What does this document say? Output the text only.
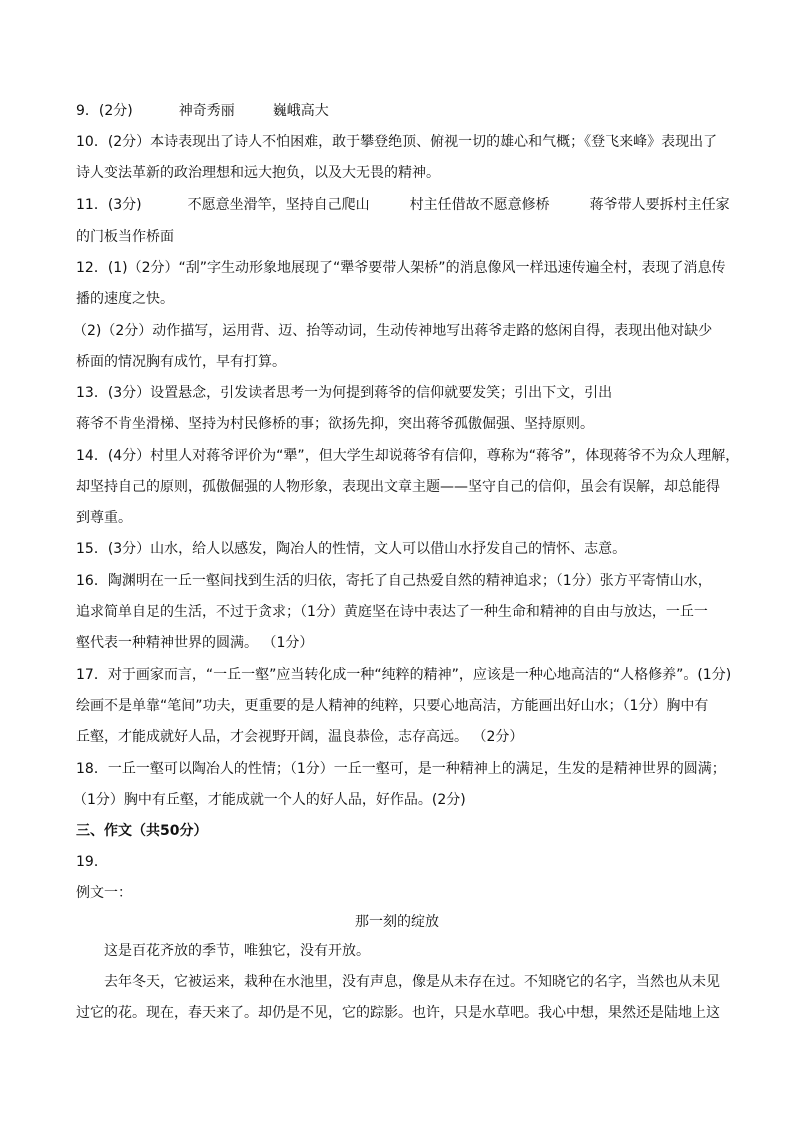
9．(2分)	神奇秀丽	巍峨高大
10．(2分）本诗表现出了诗人不怕困难，敢于攀登绝顶、俯视一切的雄心和气概；《登飞来峰》表现出了
诗人变法革新的政治理想和远大抱负，以及大无畏的精神。
11．(3分)	不愿意坐滑竿，坚持自己爬山	村主任借故不愿意修桥	蒋爷带人要拆村主任家
的门板当作桥面
12．(1)（2分）“刮”字生动形象地展现了“犟爷要带人架桥”的消息像风一样迅速传遍全村，表现了消息传
播的速度之快。
（2)（2分）动作描写，运用背、迈、抬等动词，生动传神地写出蒋爷走路的悠闲自得，表现出他对缺少
桥面的情况胸有成竹，早有打算。
13．(3分）设置悬念，引发读者思考一为何提到蒋爷的信仰就要发笑；引出下文，引出
蒋爷不肯坐滑梯、坚持为村民修桥的事；欲扬先抑，突出蒋爷孤傲倔强、坚持原则。
14．(4分）村里人对蒋爷评价为“犟”，但大学生却说蒋爷有信仰，尊称为“蒋爷”，体现蒋爷不为众人理解，
却坚持自己的原则，孤傲倔强的人物形象，表现出文章主题——坚守自己的信仰，虽会有误解，却总能得
到尊重。
15．(3分）山水，给人以感发，陶冶人的性情，文人可以借山水抒发自己的情怀、志意。
16．陶渊明在一丘一壑间找到生活的归依，寄托了自己热爱自然的精神追求；（1分）张方平寄情山水，
追求简单自足的生活，不过于贪求；（1分）黄庭坚在诗中表达了一种生命和精神的自由与放达，一丘一
壑代表一种精神世界的圆满。 （1分）
17．对于画家而言，“一丘一壑”应当转化成一种“纯粹的精神”，应该是一种心地高洁的“人格修养”。(1分)
绘画不是单靠“笔间”功夫，更重要的是人精神的纯粹，只要心地高洁，方能画出好山水；（1分）胸中有
丘壑，才能成就好人品，才会视野开阔，温良恭俭，志存高远。 （2分）
18．一丘一壑可以陶冶人的性情；（1分）一丘一壑可，是一种精神上的满足，生发的是精神世界的圆满；
（1分）胸中有丘壑，才能成就一个人的好人品，好作品。(2分)
三、作文（共50分）
19．
例文一：
那一刻的绽放
这是百花齐放的季节，唯独它，没有开放。
去年冬天，它被运来，栽种在水池里，没有声息，像是从未存在过。不知晓它的名字，当然也从未见
过它的花。现在，春天来了。却仍是不见，它的踪影。也许，只是水草吧。我心中想，果然还是陆地上这
